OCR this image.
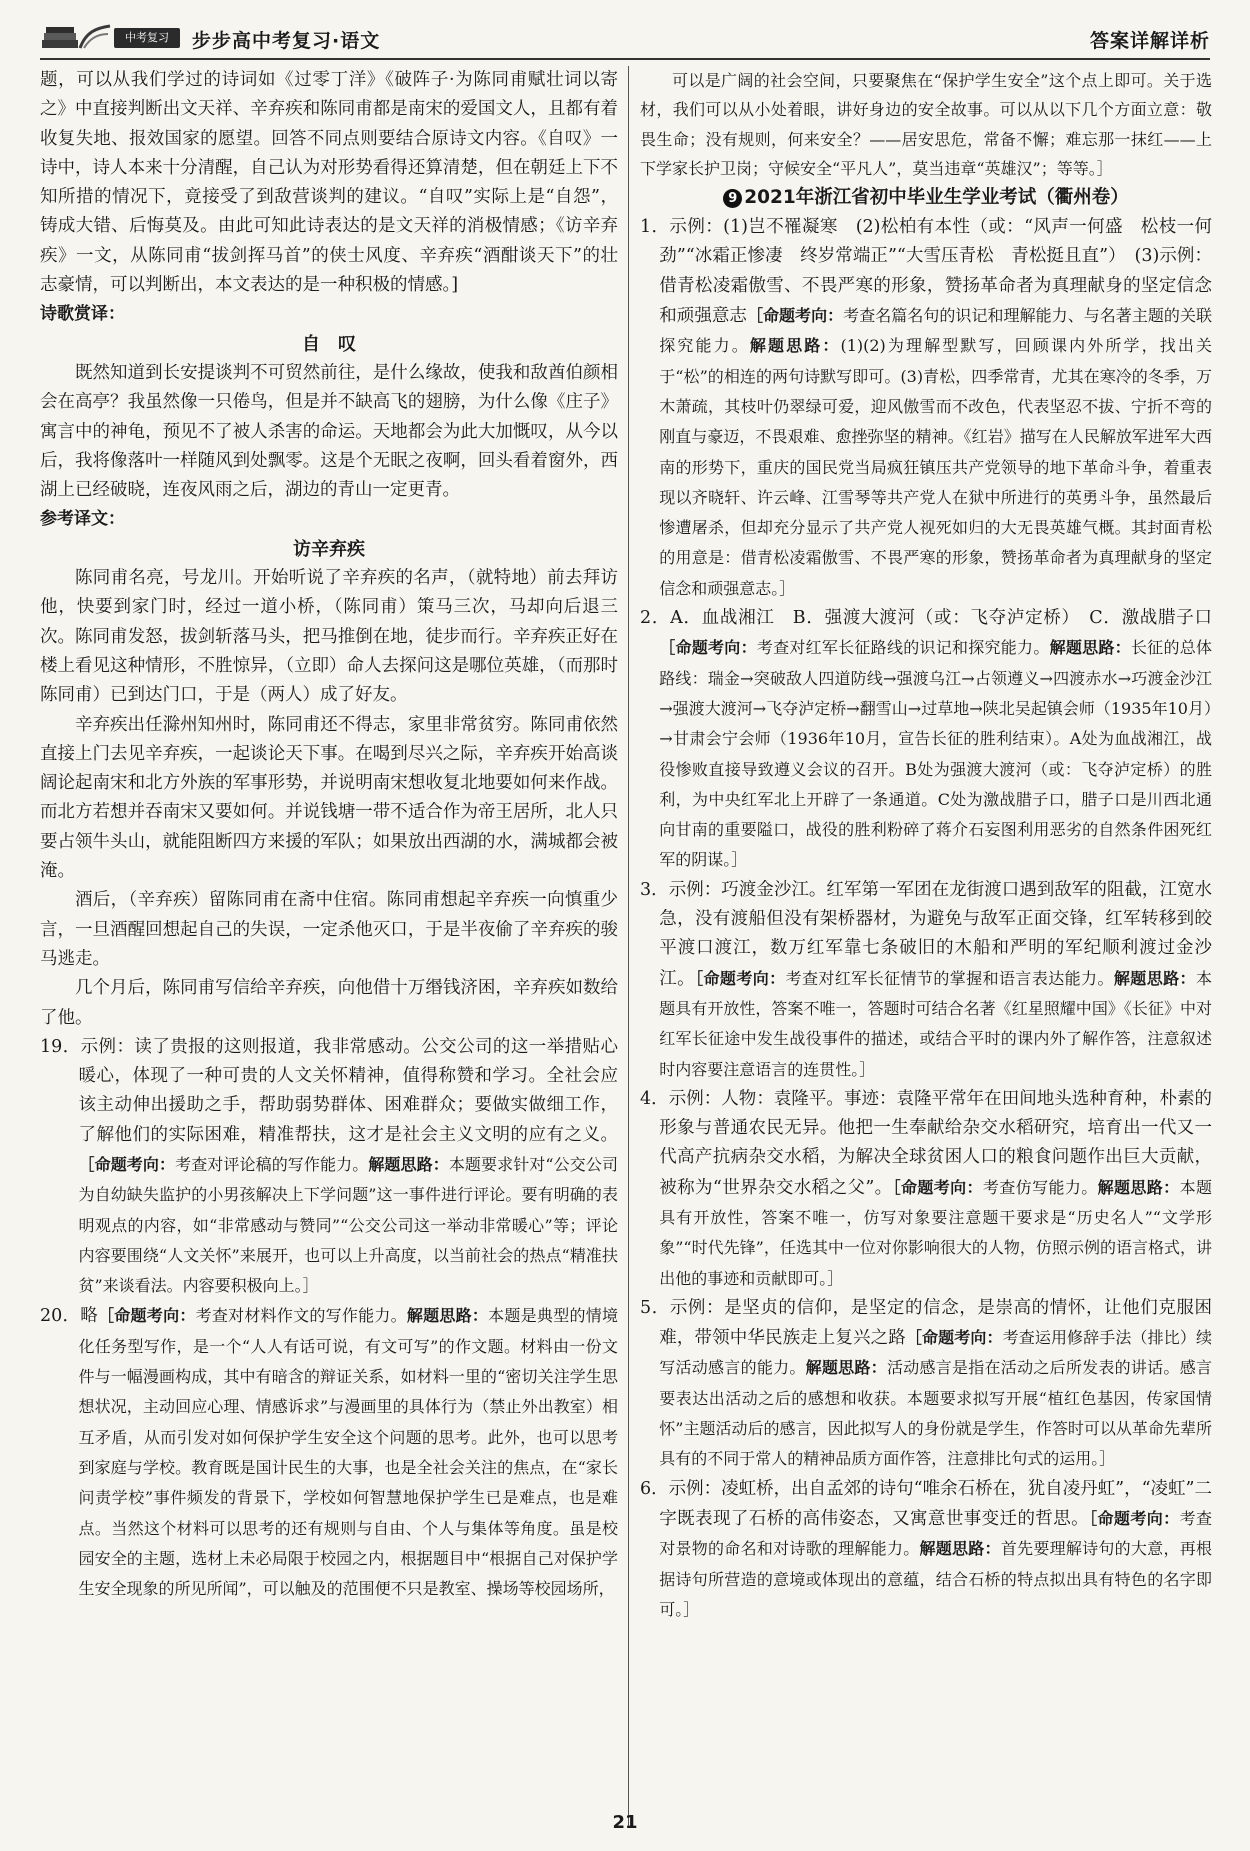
中考复习	步步高中考复习·语文	答案详解详析

题，可以从我们学过的诗词如《过零丁洋》《破阵子·为陈同甫赋壮词以寄之》中直接判断出文天祥、辛弃疾和陈同甫都是南宋的爱国文人，且都有着收复失地、报效国家的愿望。回答不同点则要结合原诗文内容。《自叹》一诗中，诗人本来十分清醒，自己认为对形势看得还算清楚，但在朝廷上下不知所措的情况下，竟接受了到敌营谈判的建议。“自叹”实际上是“自怨”，铸成大错、后悔莫及。由此可知此诗表达的是文天祥的消极情感；《访辛弃疾》一文，从陈同甫“拔剑挥马首”的侠士风度、辛弃疾“酒酣谈天下”的壮志豪情，可以判断出，本文表达的是一种积极的情感。]

诗歌赏译：

自　叹

既然知道到长安提谈判不可贸然前往，是什么缘故，使我和敌酋伯颜相会在高亭？我虽然像一只倦鸟，但是并不缺高飞的翅膀，为什么像《庄子》寓言中的神龟，预见不了被人杀害的命运。天地都会为此大加慨叹，从今以后，我将像落叶一样随风到处飘零。这是个无眠之夜啊，回头看着窗外，西湖上已经破晓，连夜风雨之后，湖边的青山一定更青。

参考译文：

访辛弃疾

陈同甫名亮，号龙川。开始听说了辛弃疾的名声，（就特地）前去拜访他，快要到家门时，经过一道小桥，（陈同甫）策马三次，马却向后退三次。陈同甫发怒，拔剑斩落马头，把马推倒在地，徒步而行。辛弃疾正好在楼上看见这种情形，不胜惊异，（立即）命人去探问这是哪位英雄，（而那时陈同甫）已到达门口，于是（两人）成了好友。

辛弃疾出任滁州知州时，陈同甫还不得志，家里非常贫穷。陈同甫依然直接上门去见辛弃疾，一起谈论天下事。在喝到尽兴之际，辛弃疾开始高谈阔论起南宋和北方外族的军事形势，并说明南宋想收复北地要如何来作战。而北方若想并吞南宋又要如何。并说钱塘一带不适合作为帝王居所，北人只要占领牛头山，就能阻断四方来援的军队；如果放出西湖的水，满城都会被淹。

酒后，（辛弃疾）留陈同甫在斋中住宿。陈同甫想起辛弃疾一向慎重少言，一旦酒醒回想起自己的失误，一定杀他灭口，于是半夜偷了辛弃疾的骏马逃走。

几个月后，陈同甫写信给辛弃疾，向他借十万缗钱济困，辛弃疾如数给了他。

19．示例：读了贵报的这则报道，我非常感动。公交公司的这一举措贴心暖心，体现了一种可贵的人文关怀精神，值得称赞和学习。全社会应该主动伸出援助之手，帮助弱势群体、困难群众；要做实做细工作，了解他们的实际困难，精准帮扶，这才是社会主义文明的应有之义。［命题考向：考查对评论稿的写作能力。解题思路：本题要求针对“公交公司为自幼缺失监护的小男孩解决上下学问题”这一事件进行评论。要有明确的表明观点的内容，如“非常感动与赞同”“公交公司这一举动非常暖心”等；评论内容要围绕“人文关怀”来展开，也可以上升高度，以当前社会的热点“精准扶贫”来谈看法。内容要积极向上。］

20．略［命题考向：考查对材料作文的写作能力。解题思路：本题是典型的情境化任务型写作，是一个“人人有话可说，有文可写”的作文题。材料由一份文件与一幅漫画构成，其中有暗含的辩证关系，如材料一里的“密切关注学生思想状况，主动回应心理、情感诉求”与漫画里的具体行为（禁止外出教室）相互矛盾，从而引发对如何保护学生安全这个问题的思考。此外，也可以思考到家庭与学校。教育既是国计民生的大事，也是全社会关注的焦点，在“家长问责学校”事件频发的背景下，学校如何智慧地保护学生已是难点，也是难点。当然这个材料可以思考的还有规则与自由、个人与集体等角度。虽是校园安全的主题，选材上未必局限于校园之内，根据题目中“根据自己对保护学生安全现象的所见所闻”，可以触及的范围便不只是教室、操场等校园场所，

可以是广阔的社会空间，只要聚焦在“保护学生安全”这个点上即可。关于选材，我们可以从小处着眼，讲好身边的安全故事。可以从以下几个方面立意：敬畏生命；没有规则，何来安全？——居安思危，常备不懈；难忘那一抹红——上下学家长护卫岗；守候安全“平凡人”，莫当违章“英雄汉”；等等。］

9 2021年浙江省初中毕业生学业考试（衢州卷）

1．示例：(1)岂不罹凝寒　(2)松柏有本性（或：“风声一何盛　松枝一何劲”“冰霜正惨凄　终岁常端正”“大雪压青松　青松挺且直”）　(3)示例：借青松凌霜傲雪、不畏严寒的形象，赞扬革命者为真理献身的坚定信念和顽强意志［命题考向：考查名篇名句的识记和理解能力、与名著主题的关联探究能力。解题思路：(1)(2)为理解型默写，回顾课内外所学，找出关于“松”的相连的两句诗默写即可。(3)青松，四季常青，尤其在寒冷的冬季，万木萧疏，其枝叶仍翠绿可爱，迎风傲雪而不改色，代表坚忍不拔、宁折不弯的刚直与豪迈，不畏艰难、愈挫弥坚的精神。《红岩》描写在人民解放军进军大西南的形势下，重庆的国民党当局疯狂镇压共产党领导的地下革命斗争，着重表现以齐晓轩、许云峰、江雪琴等共产党人在狱中所进行的英勇斗争，虽然最后惨遭屠杀，但却充分显示了共产党人视死如归的大无畏英雄气概。其封面青松的用意是：借青松凌霜傲雪、不畏严寒的形象，赞扬革命者为真理献身的坚定信念和顽强意志。］

2．A．血战湘江　B．强渡大渡河（或：飞夺泸定桥）　C．激战腊子口［命题考向：考查对红军长征路线的识记和探究能力。解题思路：长征的总体路线：瑞金→突破敌人四道防线→强渡乌江→占领遵义→四渡赤水→巧渡金沙江→强渡大渡河→飞夺泸定桥→翻雪山→过草地→陕北吴起镇会师（1935年10月）→甘肃会宁会师（1936年10月，宣告长征的胜利结束）。A处为血战湘江，战役惨败直接导致遵义会议的召开。B处为强渡大渡河（或：飞夺泸定桥）的胜利，为中央红军北上开辟了一条通道。C处为激战腊子口，腊子口是川西北通向甘南的重要隘口，战役的胜利粉碎了蒋介石妄图利用恶劣的自然条件困死红军的阴谋。］

3．示例：巧渡金沙江。红军第一军团在龙街渡口遇到敌军的阻截，江宽水急，没有渡船但没有架桥器材，为避免与敌军正面交锋，红军转移到皎平渡口渡江，数万红军靠七条破旧的木船和严明的军纪顺利渡过金沙江。［命题考向：考查对红军长征情节的掌握和语言表达能力。解题思路：本题具有开放性，答案不唯一，答题时可结合名著《红星照耀中国》《长征》中对红军长征途中发生战役事件的描述，或结合平时的课内外了解作答，注意叙述时内容要注意语言的连贯性。］

4．示例：人物：袁隆平。事迹：袁隆平常年在田间地头选种育种，朴素的形象与普通农民无异。他把一生奉献给杂交水稻研究，培育出一代又一代高产抗病杂交水稻，为解决全球贫困人口的粮食问题作出巨大贡献，被称为“世界杂交水稻之父”。［命题考向：考查仿写能力。解题思路：本题具有开放性，答案不唯一，仿写对象要注意题干要求是“历史名人”“文学形象”“时代先锋”，任选其中一位对你影响很大的人物，仿照示例的语言格式，讲出他的事迹和贡献即可。］

5．示例：是坚贞的信仰，是坚定的信念，是崇高的情怀，让他们克服困难，带领中华民族走上复兴之路［命题考向：考查运用修辞手法（排比）续写活动感言的能力。解题思路：活动感言是指在活动之后所发表的讲话。感言要表达出活动之后的感想和收获。本题要求拟写开展“植红色基因，传家国情怀”主题活动后的感言，因此拟写人的身份就是学生，作答时可以从革命先辈所具有的不同于常人的精神品质方面作答，注意排比句式的运用。］

6．示例：凌虹桥，出自孟郊的诗句“唯余石桥在，犹自凌丹虹”，“凌虹”二字既表现了石桥的高伟姿态，又寓意世事变迁的哲思。［命题考向：考查对景物的命名和对诗歌的理解能力。解题思路：首先要理解诗句的大意，再根据诗句所营造的意境或体现出的意蕴，结合石桥的特点拟出具有特色的名字即可。］

21
